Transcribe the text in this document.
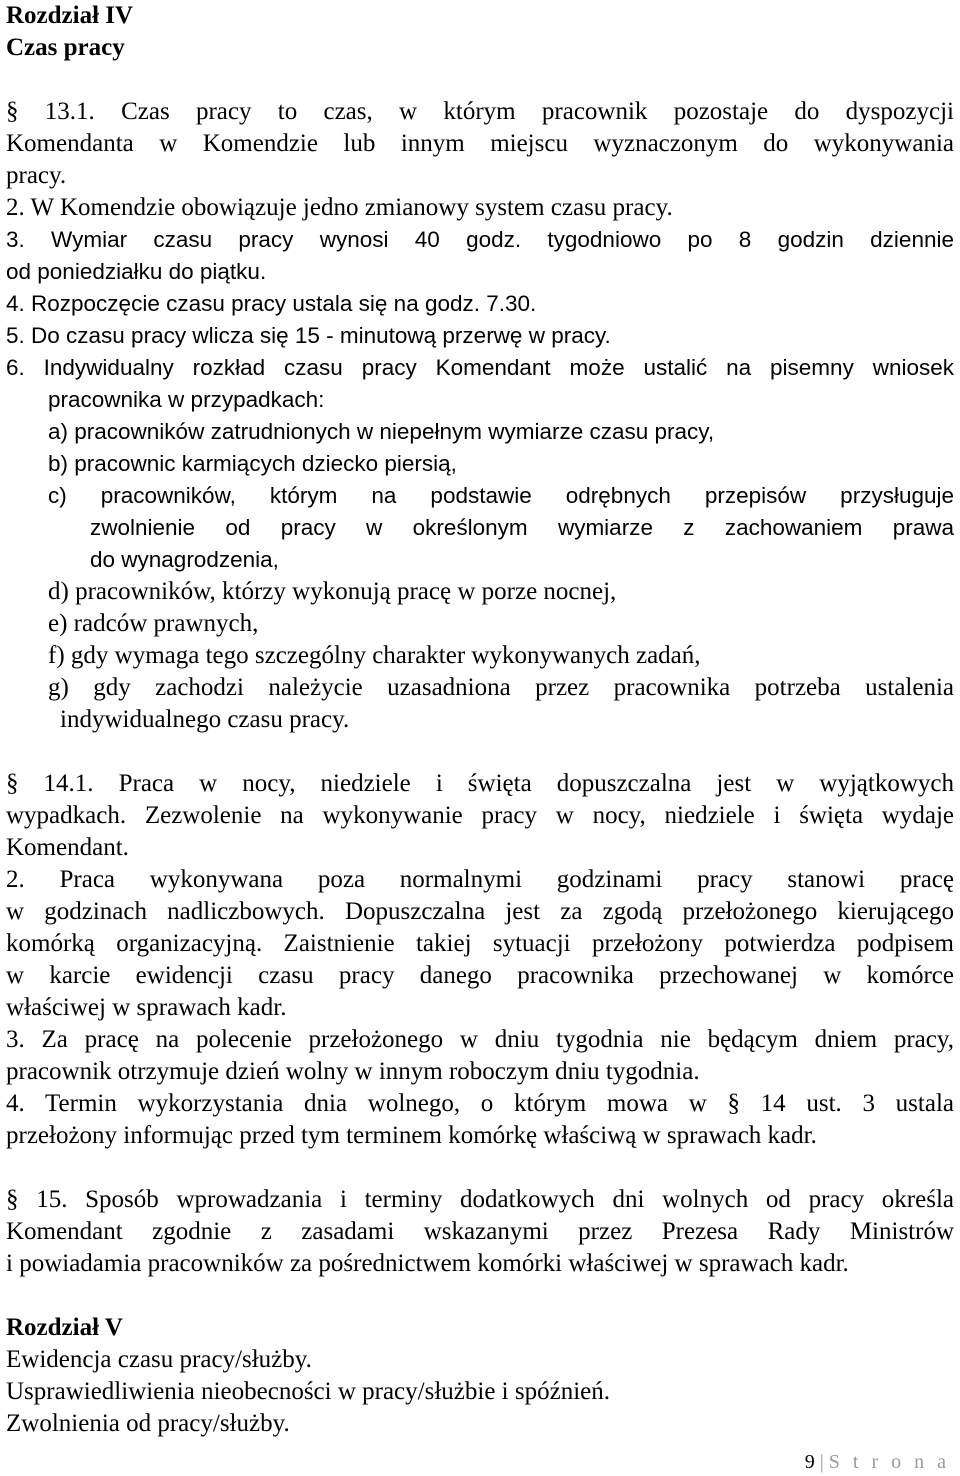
Rozdział IV
Czas pracy
§ 13.1. Czas pracy to czas, w którym pracownik pozostaje do dyspozycji
Komendanta w Komendzie lub innym miejscu wyznaczonym do wykonywania
pracy.
2. W Komendzie obowiązuje jedno zmianowy system czasu pracy.
3. Wymiar czasu pracy wynosi 40 godz. tygodniowo po 8 godzin dziennie
od poniedziałku do piątku.
4. Rozpoczęcie czasu pracy ustala się na godz. 7.30.
5. Do czasu pracy wlicza się 15 - minutową przerwę w pracy.
6. Indywidualny rozkład czasu pracy Komendant może ustalić na pisemny wniosek
pracownika w przypadkach:
a) pracowników zatrudnionych w niepełnym wymiarze czasu pracy,
b) pracownic karmiących dziecko piersią,
c) pracowników, którym na podstawie odrębnych przepisów przysługuje
zwolnienie od pracy w określonym wymiarze z zachowaniem prawa
do wynagrodzenia,
d) pracowników, którzy wykonują pracę w porze nocnej,
e) radców prawnych,
f) gdy wymaga tego szczególny charakter wykonywanych zadań,
g) gdy zachodzi należycie uzasadniona przez pracownika potrzeba ustalenia
indywidualnego czasu pracy.
§ 14.1. Praca w nocy, niedziele i święta dopuszczalna jest w wyjątkowych
wypadkach. Zezwolenie na wykonywanie pracy w nocy, niedziele i święta wydaje
Komendant.
2. Praca wykonywana poza normalnymi godzinami pracy stanowi pracę
w godzinach nadliczbowych. Dopuszczalna jest za zgodą przełożonego kierującego
komórką organizacyjną. Zaistnienie takiej sytuacji przełożony potwierdza podpisem
w karcie ewidencji czasu pracy danego pracownika przechowanej w komórce
właściwej w sprawach kadr.
3. Za pracę na polecenie przełożonego w dniu tygodnia nie będącym dniem pracy,
pracownik otrzymuje dzień wolny w innym roboczym dniu tygodnia.
4. Termin wykorzystania dnia wolnego, o którym mowa w § 14 ust. 3 ustala
przełożony informując przed tym terminem komórkę właściwą w sprawach kadr.
§ 15. Sposób wprowadzania i terminy dodatkowych dni wolnych od pracy określa
Komendant zgodnie z zasadami wskazanymi przez Prezesa Rady Ministrów
i powiadamia pracowników za pośrednictwem komórki właściwej w sprawach kadr.
Rozdział V
Ewidencja czasu pracy/służby.
Usprawiedliwienia nieobecności w pracy/służbie i spóźnień.
Zwolnienia od pracy/służby.
9 | S t r o n a
